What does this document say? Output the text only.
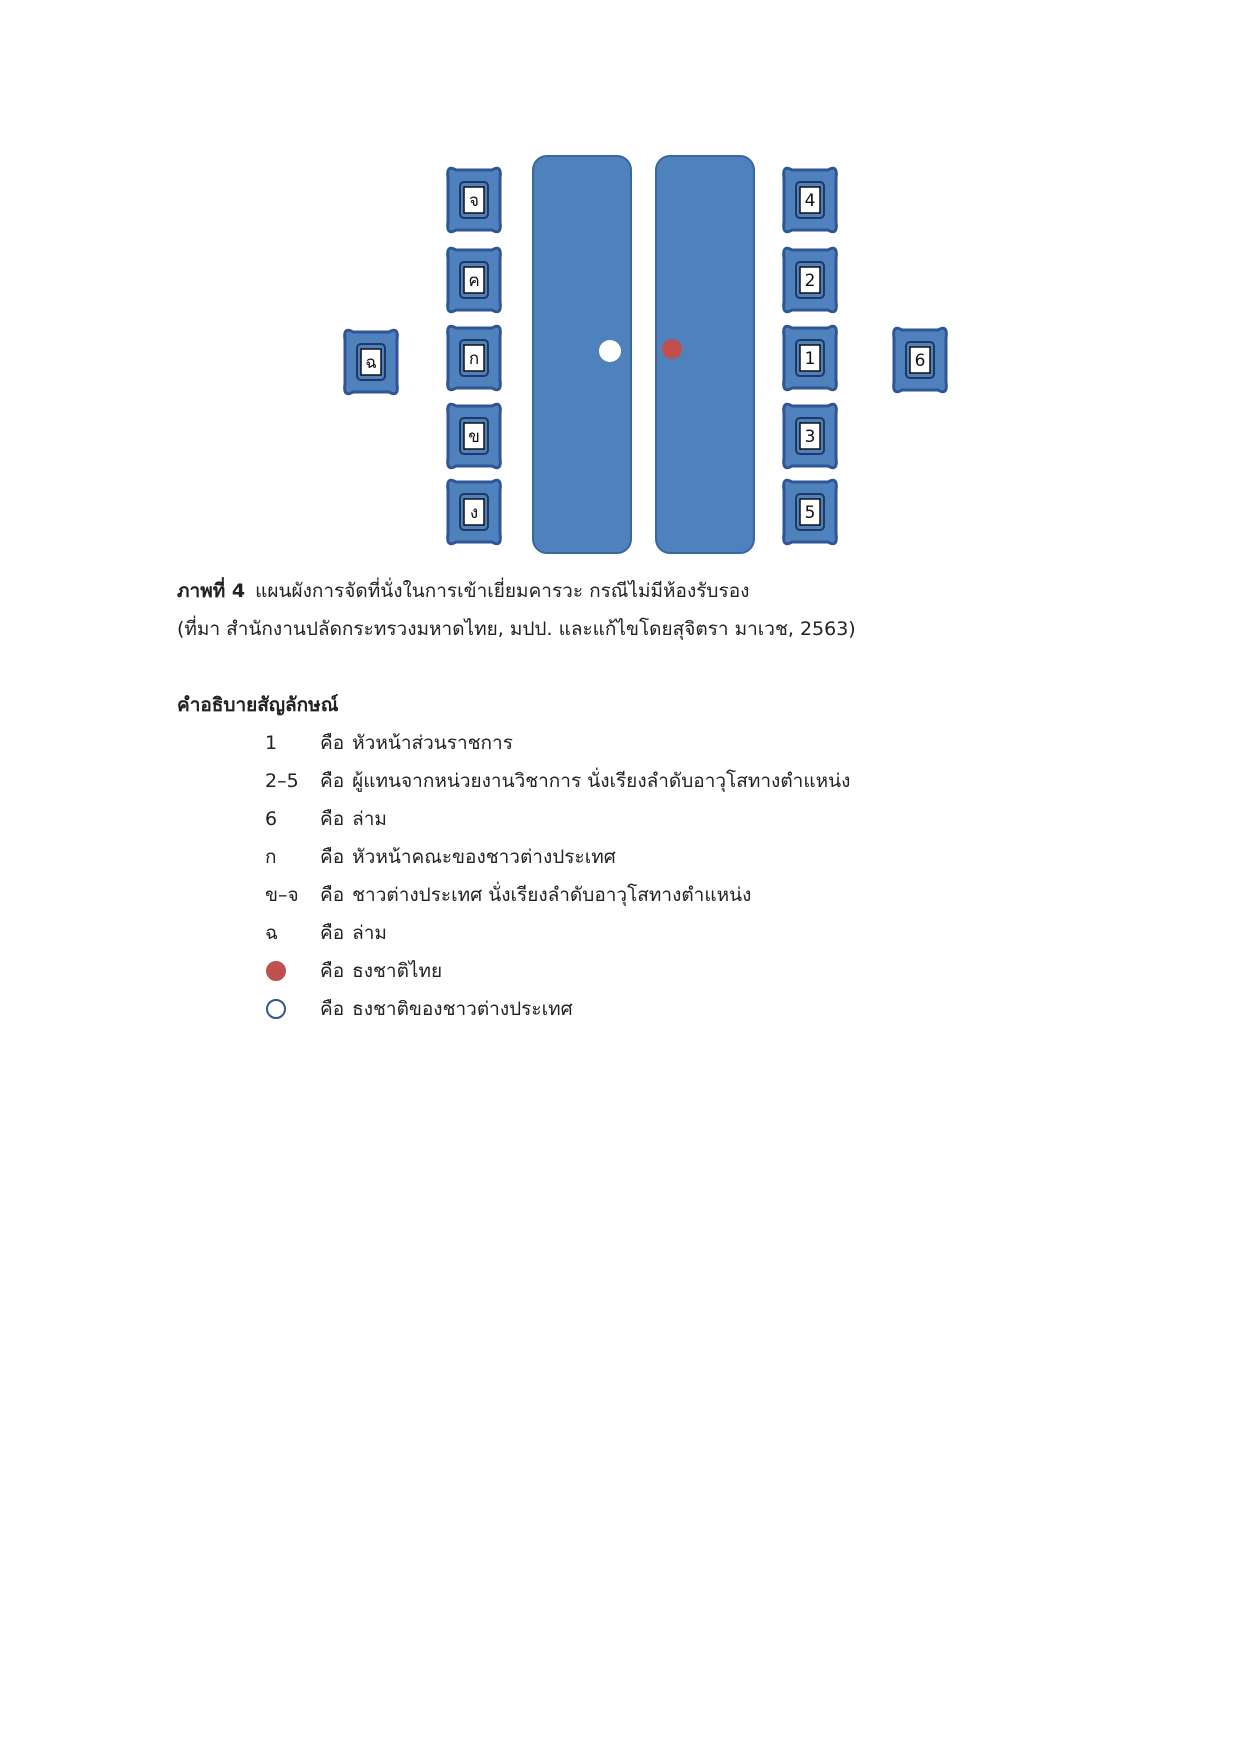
จ
ค
ก
ข
ง
4
2
1
3
5
ฉ	6
ภาพที่ 4 แผนผังการจัดที่นั่งในการเข้าเยี่ยมคารวะ กรณีไม่มีห้องรับรอง
(ที่มา สำนักงานปลัดกระทรวงมหาดไทย, มปป. และแก้ไขโดยสุจิตรา มาเวช, 2563)
คำอธิบายสัญลักษณ์
1	คือ หัวหน้าส่วนราชการ
2–5	คือ ผู้แทนจากหน่วยงานวิชาการ นั่งเรียงลำดับอาวุโสทางตำแหน่ง
6	คือ ล่าม
ก	คือ หัวหน้าคณะของชาวต่างประเทศ
ข–จ	คือ ชาวต่างประเทศ นั่งเรียงลำดับอาวุโสทางตำแหน่ง
ฉ	คือ ล่าม
คือ ธงชาติไทย
คือ ธงชาติของชาวต่างประเทศ
